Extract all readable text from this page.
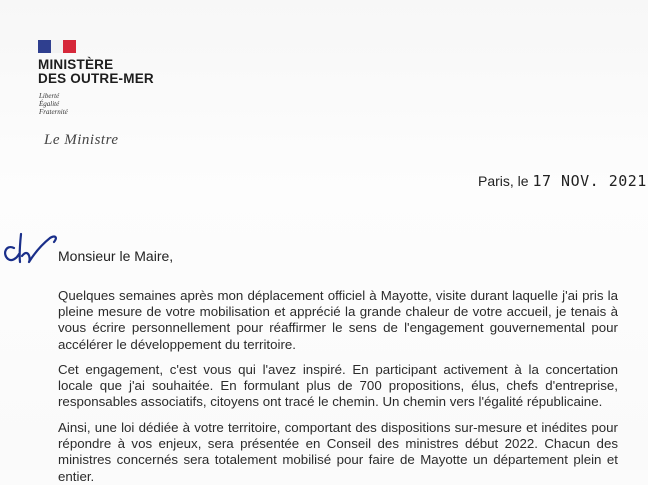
MINISTÈRE
DES OUTRE-MER
Liberté
Égalité
Fraternité
Le Ministre
Paris, le 17 NOV. 2021
Monsieur le Maire,

Quelques semaines après mon déplacement officiel à Mayotte, visite durant laquelle j'ai pris la pleine mesure de votre mobilisation et apprécié la grande chaleur de votre accueil, je tenais à vous écrire personnellement pour réaffirmer le sens de l'engagement gouvernemental pour accélérer le développement du territoire.

Cet engagement, c'est vous qui l'avez inspiré. En participant activement à la concertation locale que j'ai souhaitée. En formulant plus de 700 propositions, élus, chefs d'entreprise, responsables associatifs, citoyens ont tracé le chemin. Un chemin vers l'égalité républicaine.

Ainsi, une loi dédiée à votre territoire, comportant des dispositions sur-mesure et inédites pour répondre à vos enjeux, sera présentée en Conseil des ministres début 2022. Chacun des ministres concernés sera totalement mobilisé pour faire de Mayotte un département plein et entier.
